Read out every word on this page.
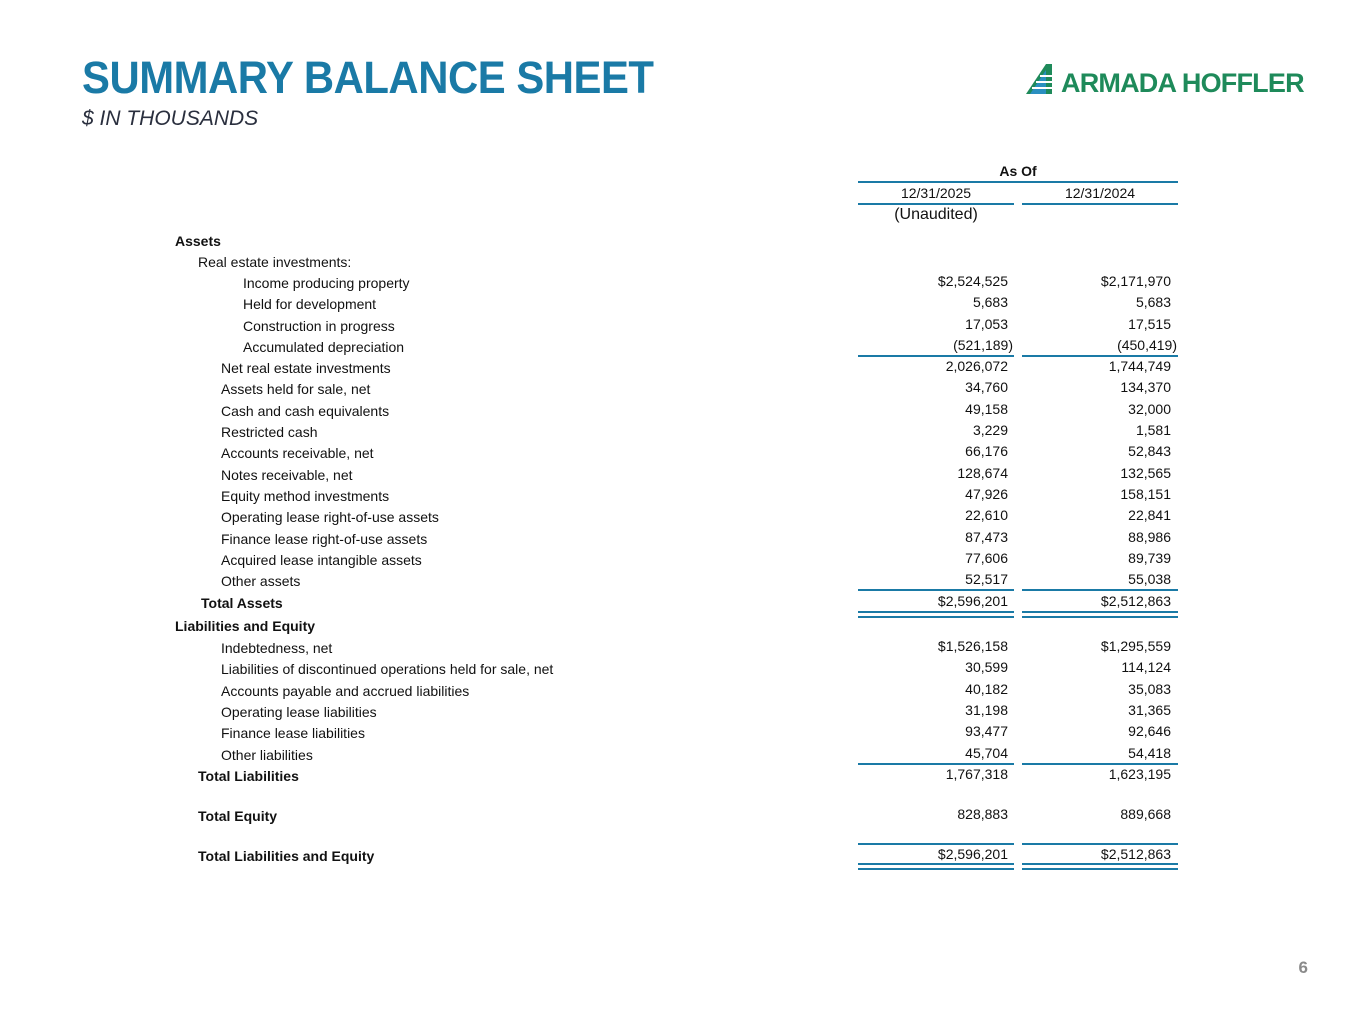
SUMMARY BALANCE SHEET
$ IN THOUSANDS
ARMADA HOFFLER
As Of
12/31/2025	12/31/2024
(Unaudited)
Assets
Real estate investments:
Income producing property	$2,524,525	$2,171,970
Held for development	5,683	5,683
Construction in progress	17,053	17,515
Accumulated depreciation	(521,189)	(450,419)
Net real estate investments	2,026,072	1,744,749
Assets held for sale, net	34,760	134,370
Cash and cash equivalents	49,158	32,000
Restricted cash	3,229	1,581
Accounts receivable, net	66,176	52,843
Notes receivable, net	128,674	132,565
Equity method investments	47,926	158,151
Operating lease right-of-use assets	22,610	22,841
Finance lease right-of-use assets	87,473	88,986
Acquired lease intangible assets	77,606	89,739
Other assets	52,517	55,038
Total Assets	$2,596,201	$2,512,863
Liabilities and Equity
Indebtedness, net	$1,526,158	$1,295,559
Liabilities of discontinued operations held for sale, net	30,599	114,124
Accounts payable and accrued liabilities	40,182	35,083
Operating lease liabilities	31,198	31,365
Finance lease liabilities	93,477	92,646
Other liabilities	45,704	54,418
Total Liabilities	1,767,318	1,623,195
Total Equity	828,883	889,668
Total Liabilities and Equity	$2,596,201	$2,512,863
6
